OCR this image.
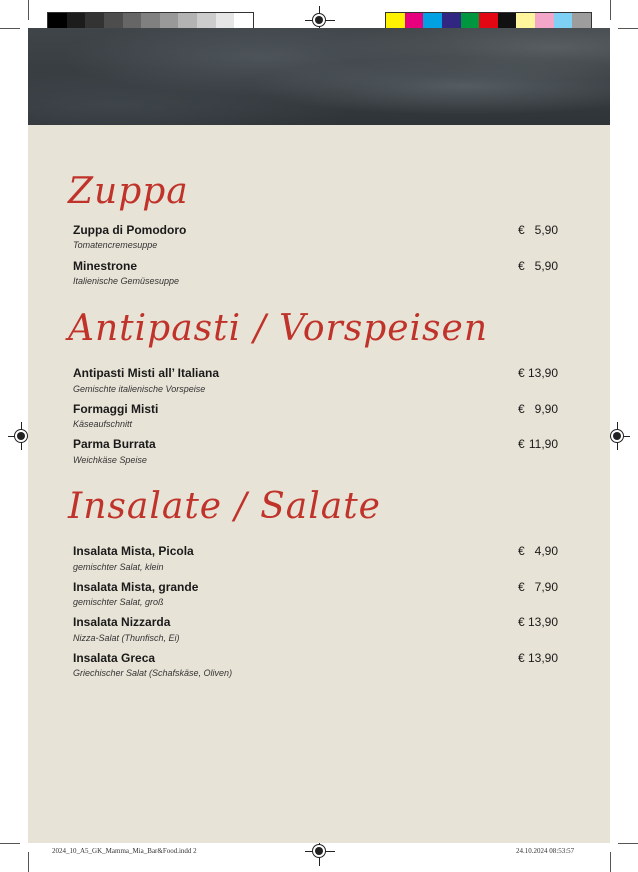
Zuppa
Zuppa di Pomodoro
Tomatencremesuppe
€ 5,90
Minestrone
Italienische Gemüsesuppe
€ 5,90
Antipasti / Vorspeisen
Antipasti Misti all’ Italiana
Gemischte italienische Vorspeise
€ 13,90
Formaggi Misti
Käseaufschnitt
€ 9,90
Parma Burrata
Weichkäse Speise
€ 11,90
Insalate / Salate
Insalata Mista, Picola
gemischter Salat, klein
€ 4,90
Insalata Mista, grande
gemischter Salat, groß
€ 7,90
Insalata Nizzarda
Nizza-Salat (Thunfisch, Ei)
€ 13,90
Insalata Greca
Griechischer Salat (Schafskäse, Oliven)
€ 13,90
2024_10_A5_GK_Mamma_Mia_Bar&Food.indd 2	24.10.2024 08:53:57
